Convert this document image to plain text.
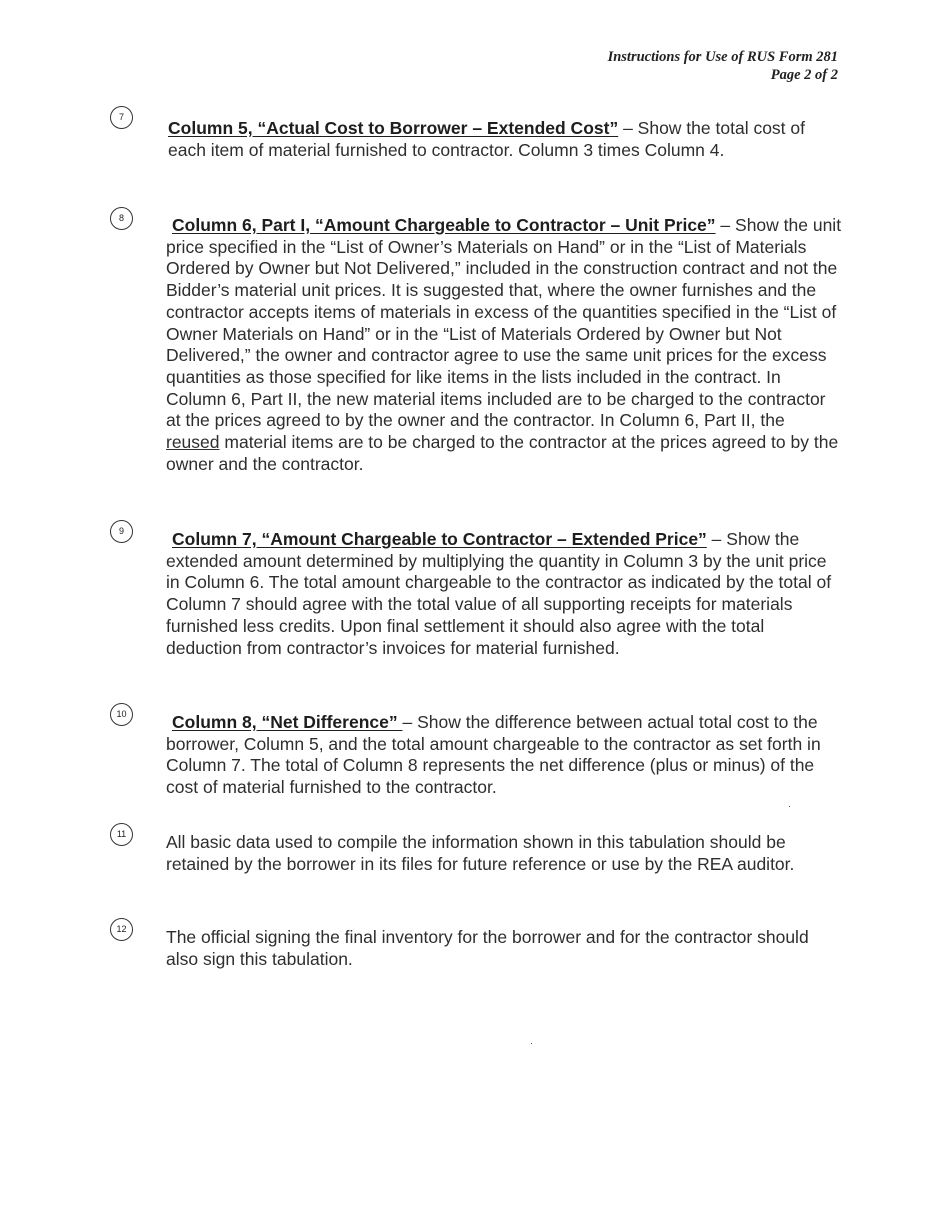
Instructions for Use of RUS Form 281
Page 2 of 2
7
Column 5, “Actual Cost to Borrower – Extended Cost” – Show the total cost of each item of material furnished to contractor. Column 3 times Column 4.
8	Column 6, Part I, “Amount Chargeable to Contractor – Unit Price” – Show the unit price specified in the “List of Owner’s Materials on Hand” or in the “List of Materials Ordered by Owner but Not Delivered,” included in the construction contract and not the Bidder’s material unit prices. It is suggested that, where the owner furnishes and the contractor accepts items of materials in excess of the quantities specified in the “List of Owner Materials on Hand” or in the “List of Materials Ordered by Owner but Not Delivered,” the owner and contractor agree to use the same unit prices for the excess quantities as those specified for like items in the lists included in the contract. In Column 6, Part II, the new material items included are to be charged to the contractor at the prices agreed to by the owner and the contractor. In Column 6, Part II, the reused material items are to be charged to the contractor at the prices agreed to by the owner and the contractor.
9	Column 7, “Amount Chargeable to Contractor – Extended Price” – Show the extended amount determined by multiplying the quantity in Column 3 by the unit price in Column 6. The total amount chargeable to the contractor as indicated by the total of Column 7 should agree with the total value of all supporting receipts for materials furnished less credits. Upon final settlement it should also agree with the total deduction from contractor’s invoices for material furnished.
10	Column 8, “Net Difference” – Show the difference between actual total cost to the borrower, Column 5, and the total amount chargeable to the contractor as set forth in Column 7. The total of Column 8 represents the net difference (plus or minus) of the cost of material furnished to the contractor.
11	All basic data used to compile the information shown in this tabulation should be retained by the borrower in its files for future reference or use by the REA auditor.
12	The official signing the final inventory for the borrower and for the contractor should also sign this tabulation.
